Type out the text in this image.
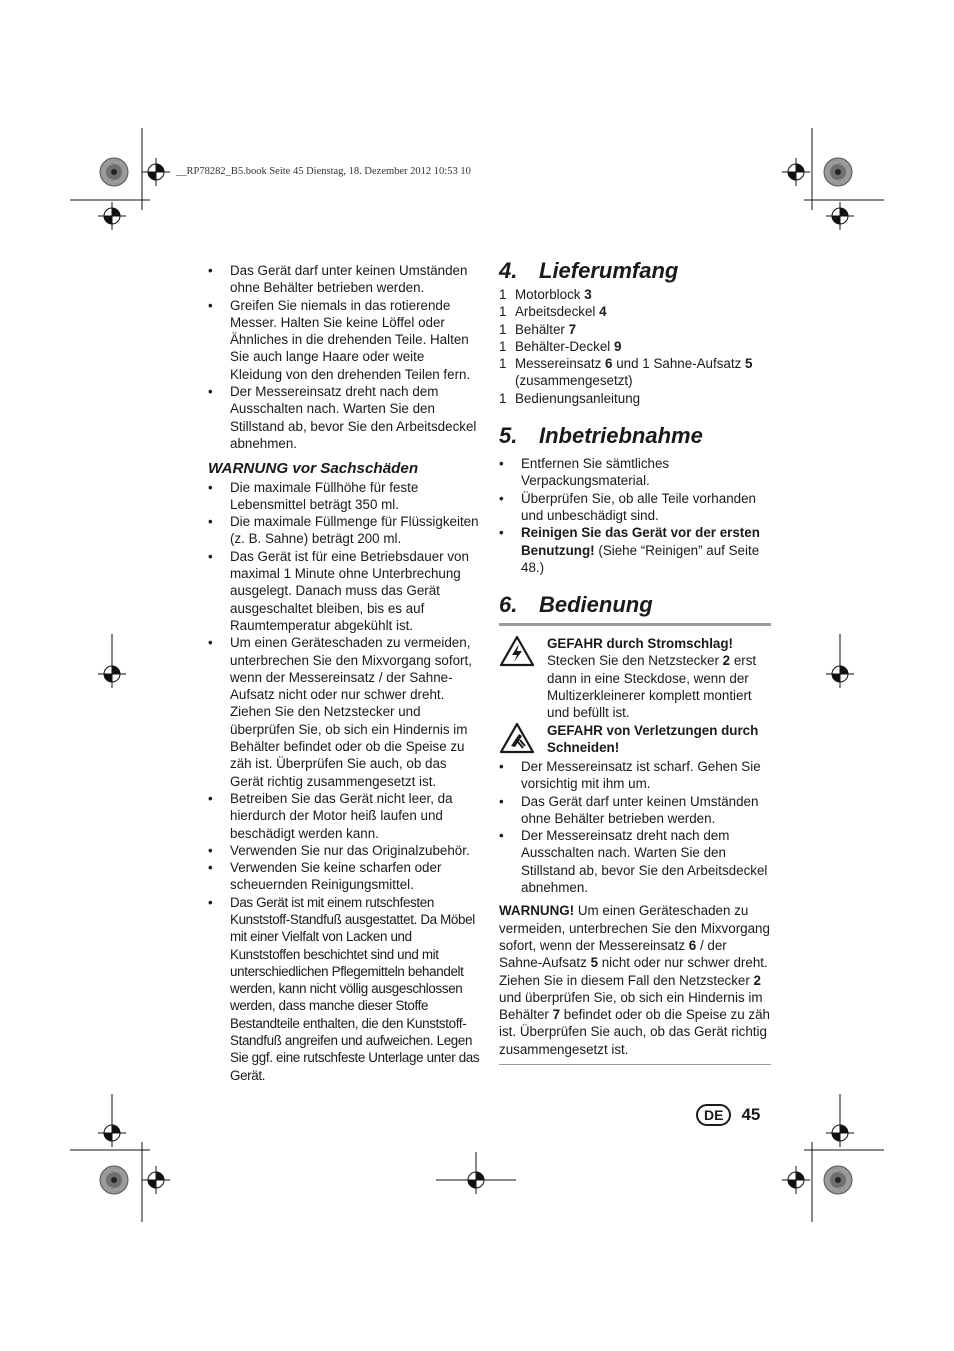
__RP78282_B5.book Seite 45 Dienstag, 18. Dezember 2012 10:53 10
• Das Gerät darf unter keinen Umständen ohne Behälter betrieben werden.
• Greifen Sie niemals in das rotierende Messer. Halten Sie keine Löffel oder Ähnliches in die drehenden Teile. Halten Sie auch lange Haare oder weite Kleidung von den drehenden Teilen fern.
• Der Messereinsatz dreht nach dem Ausschalten nach. Warten Sie den Stillstand ab, bevor Sie den Arbeitsdeckel abnehmen.
WARNUNG vor Sachschäden
• Die maximale Füllhöhe für feste Lebensmittel beträgt 350 ml.
• Die maximale Füllmenge für Flüssigkeiten (z. B. Sahne) beträgt 200 ml.
• Das Gerät ist für eine Betriebsdauer von maximal 1 Minute ohne Unterbrechung ausgelegt. Danach muss das Gerät ausgeschaltet bleiben, bis es auf Raumtemperatur abgekühlt ist.
• Um einen Geräteschaden zu vermeiden, unterbrechen Sie den Mixvorgang sofort, wenn der Messereinsatz / der Sahne-Aufsatz nicht oder nur schwer dreht. Ziehen Sie den Netzstecker und überprüfen Sie, ob sich ein Hindernis im Behälter befindet oder ob die Speise zu zäh ist. Überprüfen Sie auch, ob das Gerät richtig zusammengesetzt ist.
• Betreiben Sie das Gerät nicht leer, da hierdurch der Motor heiß laufen und beschädigt werden kann.
• Verwenden Sie nur das Originalzubehör.
• Verwenden Sie keine scharfen oder scheuernden Reinigungsmittel.
• Das Gerät ist mit einem rutschfesten Kunststoff-Standfuß ausgestattet. Da Möbel mit einer Vielfalt von Lacken und Kunststoffen beschichtet sind und mit unterschiedlichen Pflegemitteln behandelt werden, kann nicht völlig ausgeschlossen werden, dass manche dieser Stoffe Bestandteile enthalten, die den Kunststoff-Standfuß angreifen und aufweichen. Legen Sie ggf. eine rutschfeste Unterlage unter das Gerät.
4. Lieferumfang
1 Motorblock 3
1 Arbeitsdeckel 4
1 Behälter 7
1 Behälter-Deckel 9
1 Messereinsatz 6 und 1 Sahne-Aufsatz 5
(zusammengesetzt)
1 Bedienungsanleitung
5. Inbetriebnahme
• Entfernen Sie sämtliches Verpackungsmaterial.
• Überprüfen Sie, ob alle Teile vorhanden und unbeschädigt sind.
• Reinigen Sie das Gerät vor der ersten Benutzung! (Siehe “Reinigen” auf Seite 48.)
6. Bedienung
GEFAHR durch Stromschlag!
Stecken Sie den Netzstecker 2 erst dann in eine Steckdose, wenn der Multizerkleinerer komplett montiert und befüllt ist.
GEFAHR von Verletzungen durch Schneiden!
• Der Messereinsatz ist scharf. Gehen Sie vorsichtig mit ihm um.
• Das Gerät darf unter keinen Umständen ohne Behälter betrieben werden.
• Der Messereinsatz dreht nach dem Ausschalten nach. Warten Sie den Stillstand ab, bevor Sie den Arbeitsdeckel abnehmen.
WARNUNG! Um einen Geräteschaden zu vermeiden, unterbrechen Sie den Mixvorgang sofort, wenn der Messereinsatz 6 / der Sahne-Aufsatz 5 nicht oder nur schwer dreht. Ziehen Sie in diesem Fall den Netzstecker 2 und überprüfen Sie, ob sich ein Hindernis im Behälter 7 befindet oder ob die Speise zu zäh ist. Überprüfen Sie auch, ob das Gerät richtig zusammengesetzt ist.
DE	45
